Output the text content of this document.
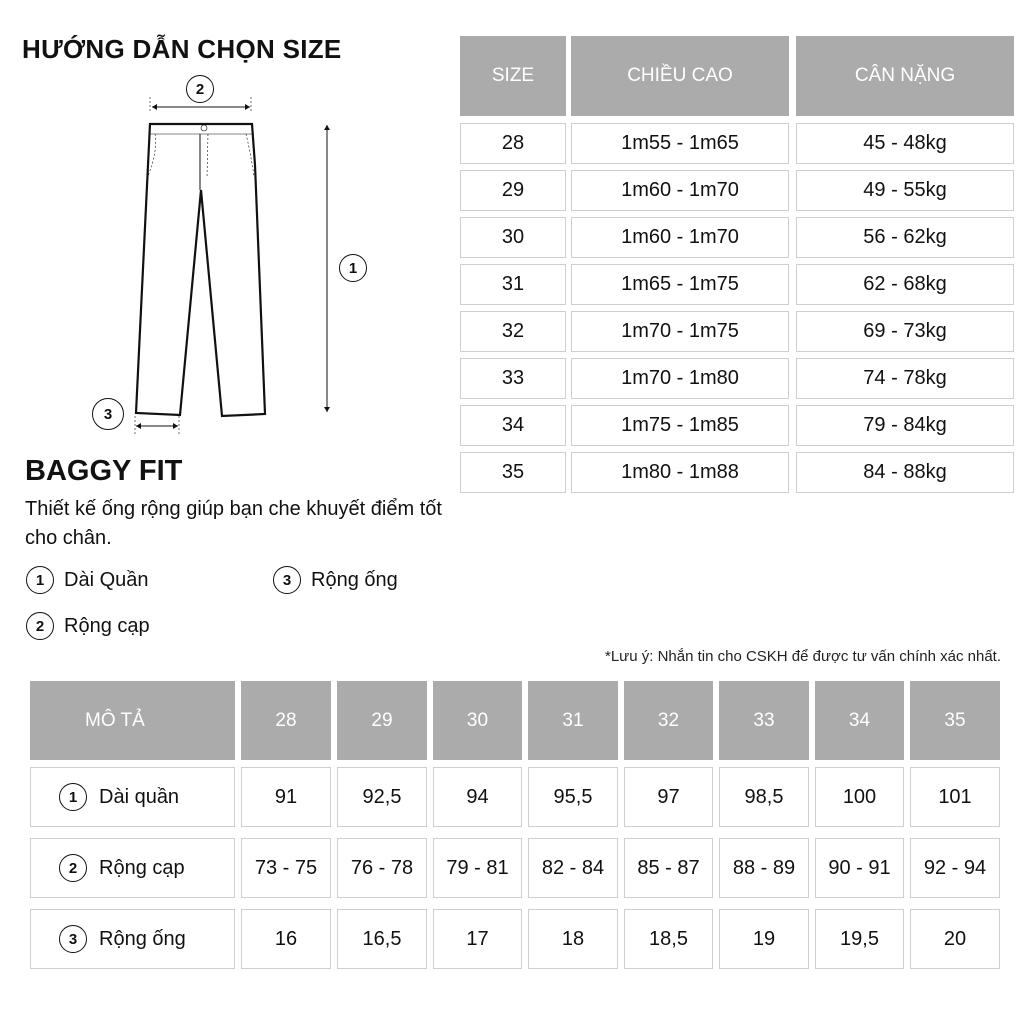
HƯỚNG DẪN CHỌN SIZE
2
1
3
BAGGY FIT
Thiết kế ống rộng giúp bạn che khuyết điểm tốt cho chân.
1 Dài Quần	3 Rộng ống
2 Rộng cạp
SIZE	CHIỀU CAO	CÂN NẶNG
28	1m55 - 1m65	45 - 48kg
29	1m60 - 1m70	49 - 55kg
30	1m60 - 1m70	56 - 62kg
31	1m65 - 1m75	62 - 68kg
32	1m70 - 1m75	69 - 73kg
33	1m70 - 1m80	74 - 78kg
34	1m75 - 1m85	79 - 84kg
35	1m80 - 1m88	84 - 88kg
*Lưu ý: Nhắn tin cho CSKH để được tư vấn chính xác nhất.
MÔ TẢ	28	29	30	31	32	33	34	35
1	Dài quần	91	92,5	94	95,5	97	98,5	100	101
2	Rộng cạp	73 - 75	76 - 78	79 - 81	82 - 84	85 - 87	88 - 89	90 - 91	92 - 94
3	Rộng ống	16	16,5	17	18	18,5	19	19,5	20
